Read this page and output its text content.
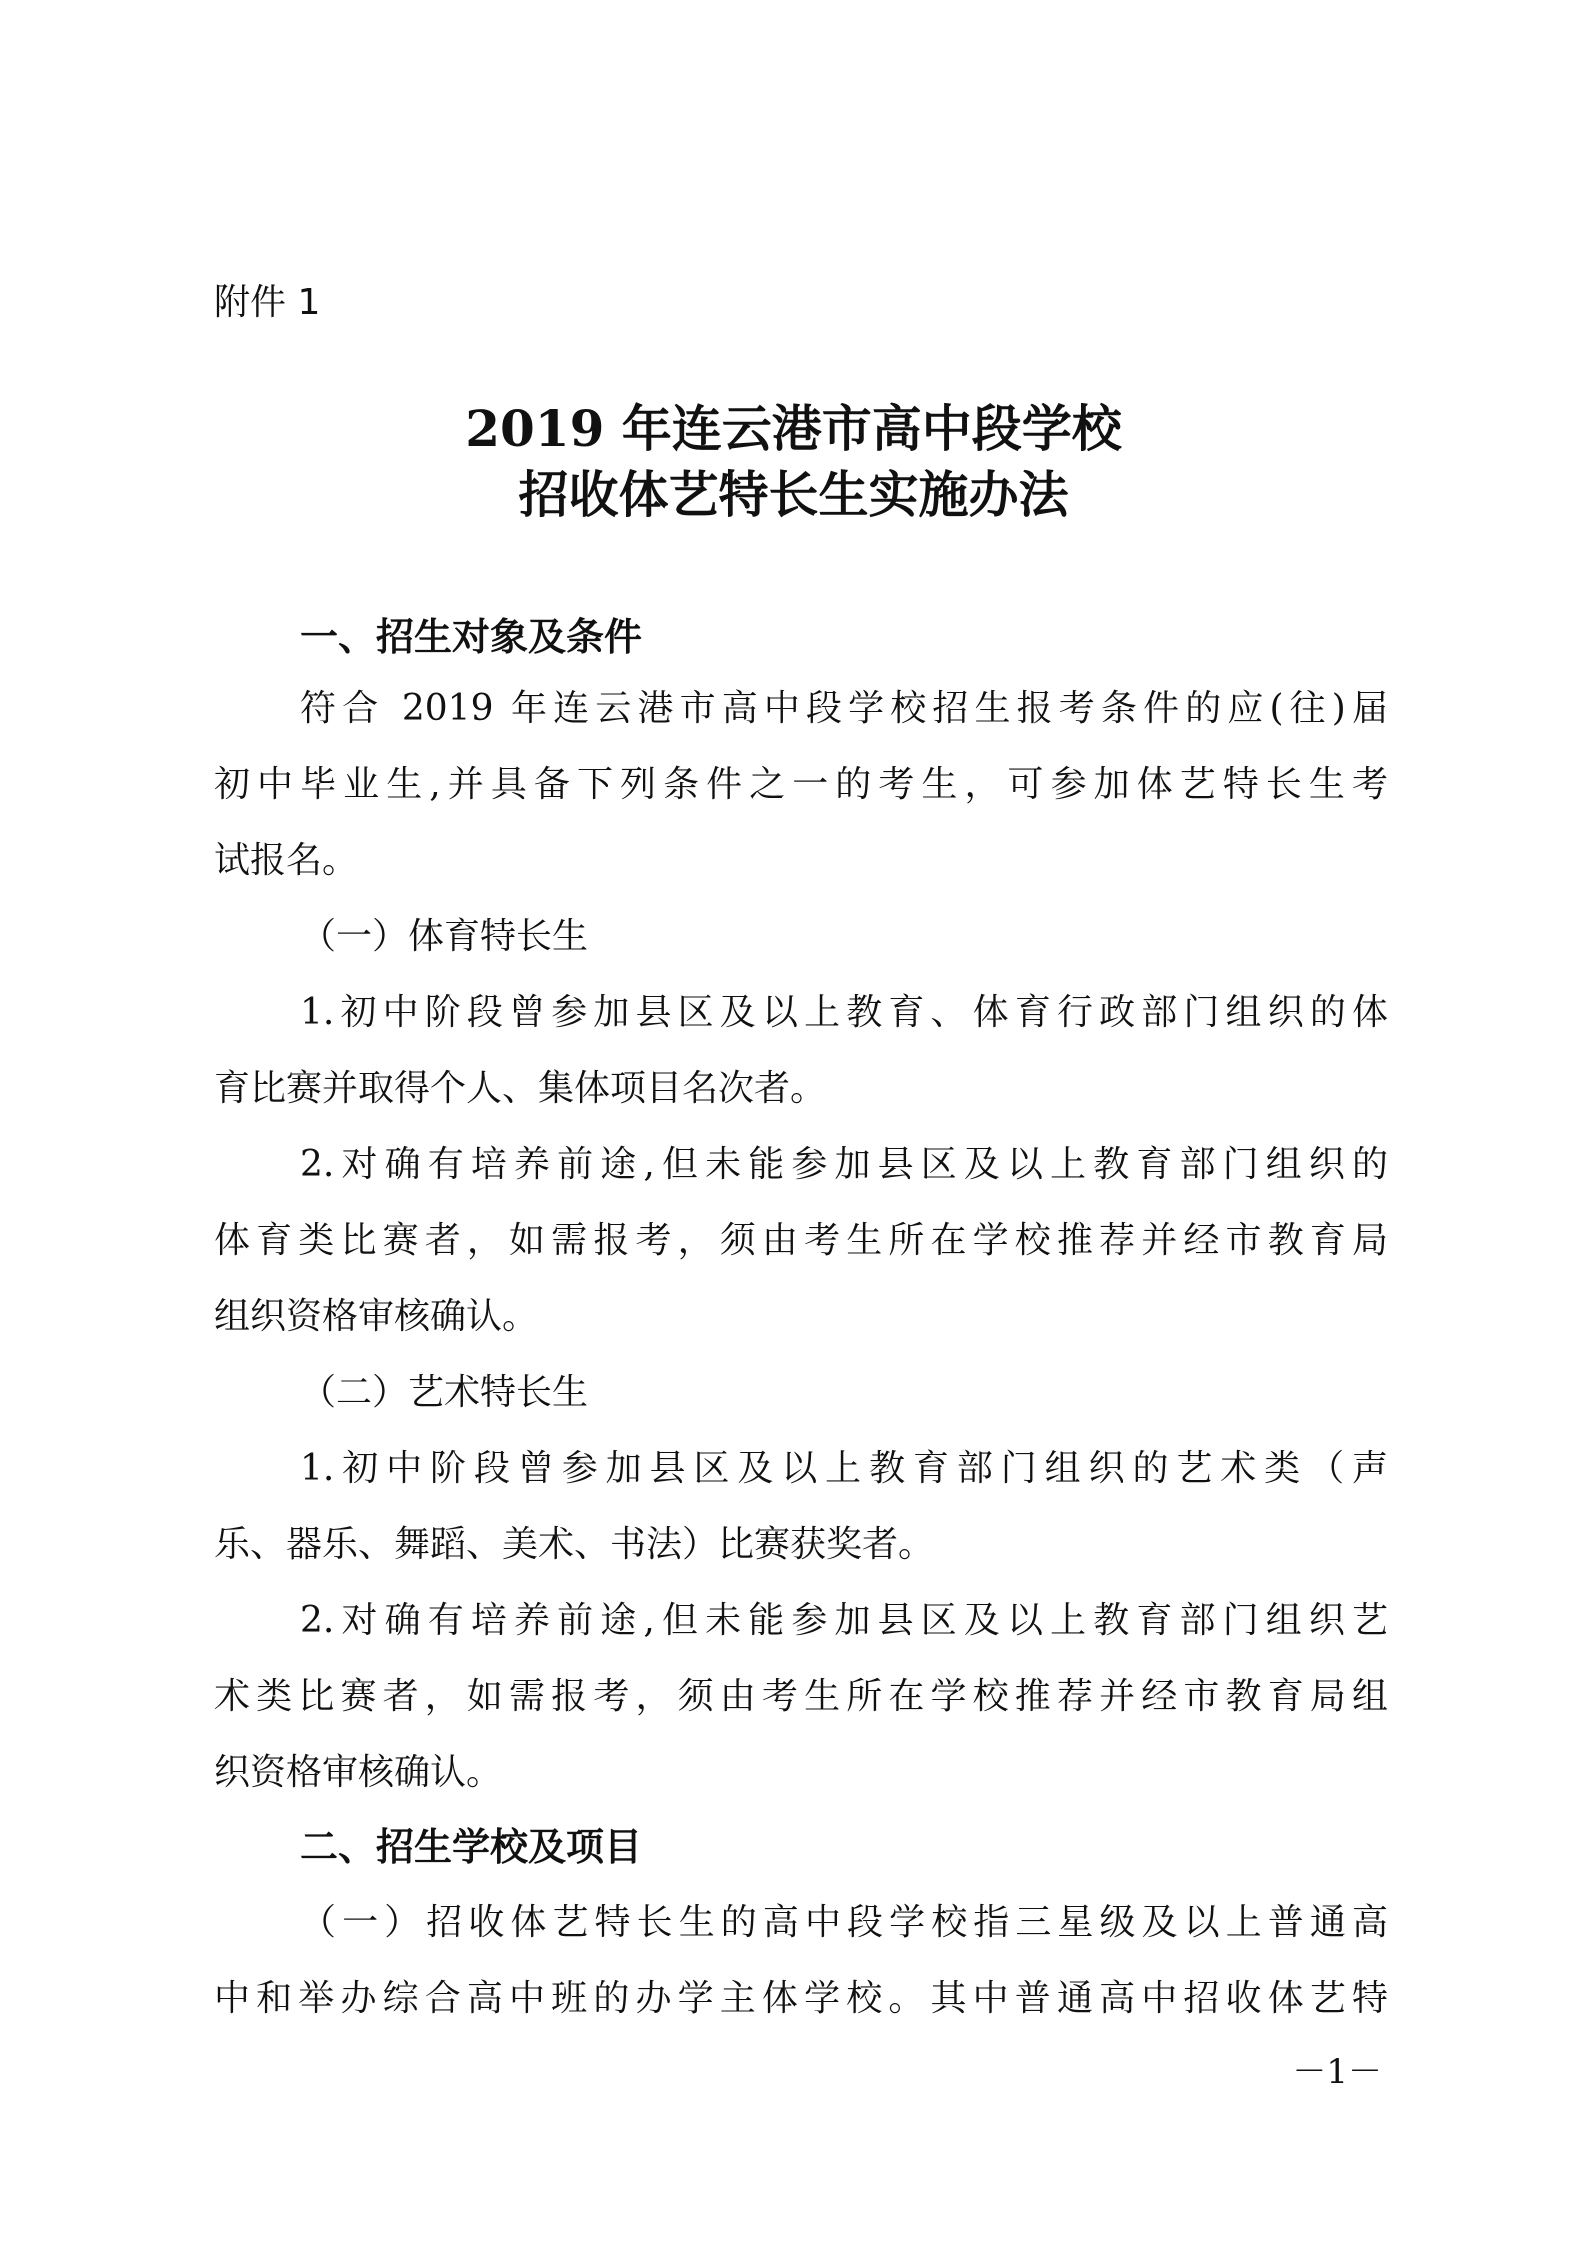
附件 1

2019 年连云港市高中段学校
招收体艺特长生实施办法
一、招生对象及条件
符合 2019 年连云港市高中段学校招生报考条件的应(往)届
初中毕业生,并具备下列条件之一的考生，可参加体艺特长生考
试报名。
（一）体育特长生
1.初中阶段曾参加县区及以上教育、体育行政部门组织的体
育比赛并取得个人、集体项目名次者。
2.对确有培养前途,但未能参加县区及以上教育部门组织的
体育类比赛者，如需报考，须由考生所在学校推荐并经市教育局
组织资格审核确认。
（二）艺术特长生
1.初中阶段曾参加县区及以上教育部门组织的艺术类（声
乐、器乐、舞蹈、美术、书法）比赛获奖者。
2.对确有培养前途,但未能参加县区及以上教育部门组织艺
术类比赛者，如需报考，须由考生所在学校推荐并经市教育局组
织资格审核确认。
二、招生学校及项目
（一）招收体艺特长生的高中段学校指三星级及以上普通高
中和举办综合高中班的办学主体学校。其中普通高中招收体艺特

－1－
